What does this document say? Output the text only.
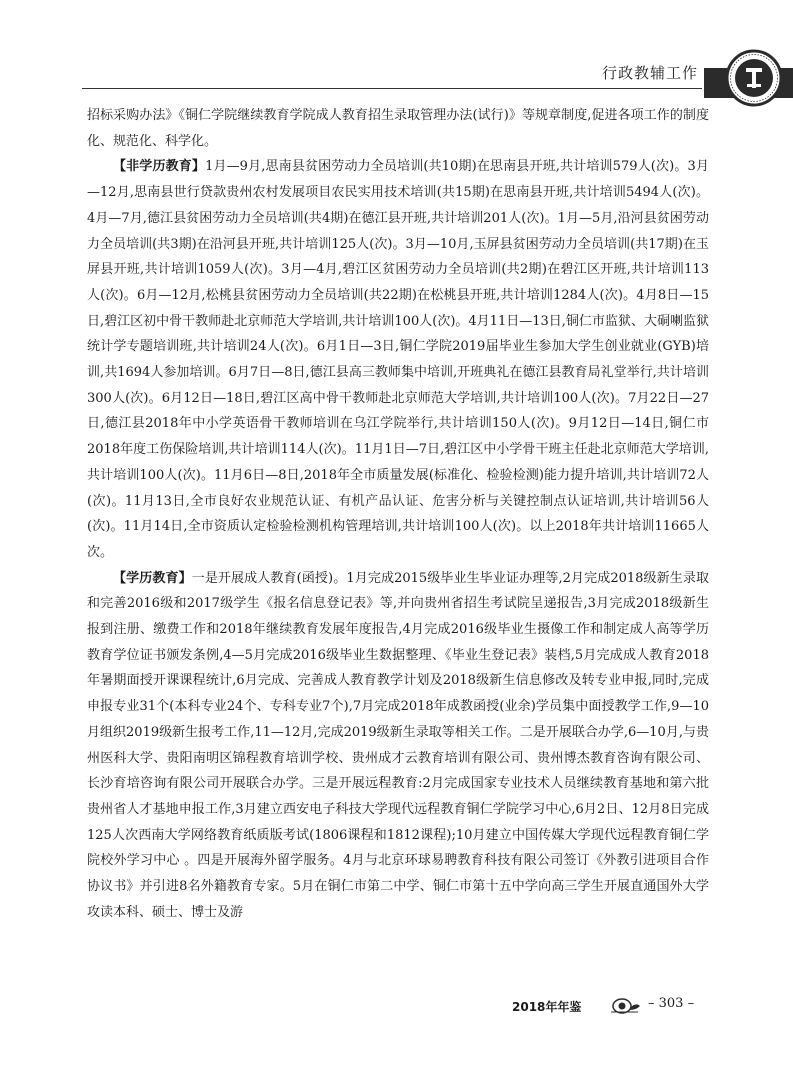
行政教辅工作

招标采购办法》《铜仁学院继续教育学院成人教育招生录取管理办法(试行)》等规章制度,促进各项工作的制度化、规范化、科学化。

【非学历教育】1月—9月,思南县贫困劳动力全员培训(共10期)在思南县开班,共计培训579人(次)。3月—12月,思南县世行贷款贵州农村发展项目农民实用技术培训(共15期)在思南县开班,共计培训5494人(次)。4月—7月,德江县贫困劳动力全员培训(共4期)在德江县开班,共计培训201人(次)。1月—5月,沿河县贫困劳动力全员培训(共3期)在沿河县开班,共计培训125人(次)。3月—10月,玉屏县贫困劳动力全员培训(共17期)在玉屏县开班,共计培训1059人(次)。3月—4月,碧江区贫困劳动力全员培训(共2期)在碧江区开班,共计培训113人(次)。6月—12月,松桃县贫困劳动力全员培训(共22期)在松桃县开班,共计培训1284人(次)。4月8日—15日,碧江区初中骨干教师赴北京师范大学培训,共计培训100人(次)。4月11日—13日,铜仁市监狱、大硐喇监狱统计学专题培训班,共计培训24人(次)。6月1日—3日,铜仁学院2019届毕业生参加大学生创业就业(GYB)培训,共1694人参加培训。6月7日—8日,德江县高三教师集中培训,开班典礼在德江县教育局礼堂举行,共计培训300人(次)。6月12日—18日,碧江区高中骨干教师赴北京师范大学培训,共计培训100人(次)。7月22日—27日,德江县2018年中小学英语骨干教师培训在乌江学院举行,共计培训150人(次)。9月12日—14日,铜仁市2018年度工伤保险培训,共计培训114人(次)。11月1日—7日,碧江区中小学骨干班主任赴北京师范大学培训,共计培训100人(次)。11月6日—8日,2018年全市质量发展(标准化、检验检测)能力提升培训,共计培训72人(次)。11月13日,全市良好农业规范认证、有机产品认证、危害分析与关键控制点认证培训,共计培训56人(次)。11月14日,全市资质认定检验检测机构管理培训,共计培训100人(次)。以上2018年共计培训11665人次。

【学历教育】一是开展成人教育(函授)。1月完成2015级毕业生毕业证办理等,2月完成2018级新生录取和完善2016级和2017级学生《报名信息登记表》等,并向贵州省招生考试院呈递报告,3月完成2018级新生报到注册、缴费工作和2018年继续教育发展年度报告,4月完成2016级毕业生摄像工作和制定成人高等学历教育学位证书颁发条例,4—5月完成2016级毕业生数据整理、《毕业生登记表》装档,5月完成成人教育2018年暑期面授开课课程统计,6月完成、完善成人教育教学计划及2018级新生信息修改及转专业申报,同时,完成申报专业31个(本科专业24个、专科专业7个),7月完成2018年成教函授(业余)学员集中面授教学工作,9—10月组织2019级新生报考工作,11—12月,完成2019级新生录取等相关工作。二是开展联合办学,6—10月,与贵州医科大学、贵阳南明区锦程教育培训学校、贵州成才云教育培训有限公司、贵州博杰教育咨询有限公司、长沙育培咨询有限公司开展联合办学。三是开展远程教育:2月完成国家专业技术人员继续教育基地和第六批贵州省人才基地申报工作,3月建立西安电子科技大学现代远程教育铜仁学院学习中心,6月2日、12月8日完成125人次西南大学网络教育纸质版考试(1806课程和1812课程);10月建立中国传媒大学现代远程教育铜仁学院校外学习中心 。四是开展海外留学服务。4月与北京环球易聘教育科技有限公司签订《外教引进项目合作协议书》并引进8名外籍教育专家。5月在铜仁市第二中学、铜仁市第十五中学向高三学生开展直通国外大学攻读本科、硕士、博士及游

2018年年鉴	– 303 –
